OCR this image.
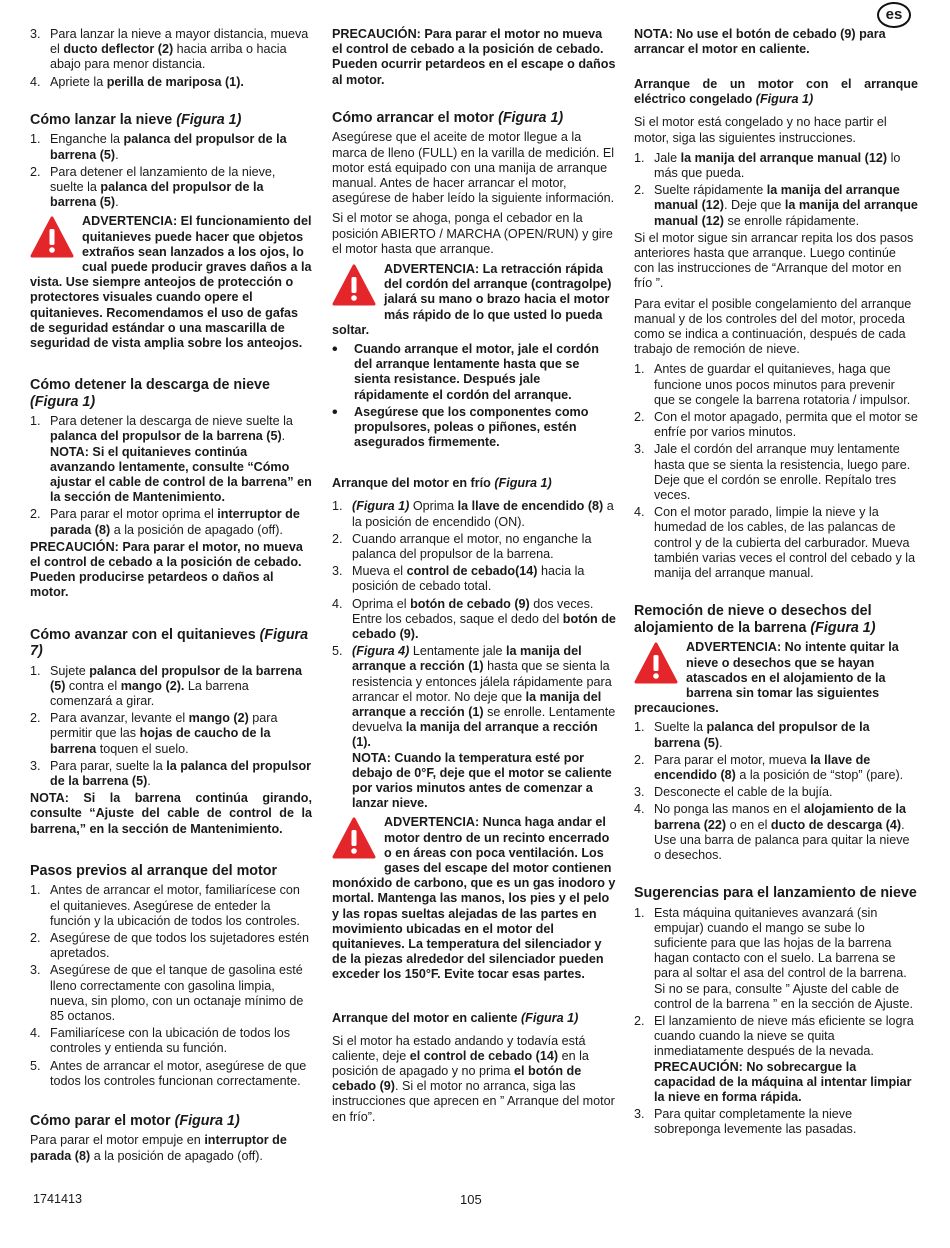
es
3. Para lanzar la nieve a mayor distancia, mueva el ducto deflector (2) hacia arriba o hacia abajo para menor distancia.
4. Apriete la perilla de mariposa (1).
Cómo lanzar la nieve (Figura 1)
1. Enganche la palanca del propulsor de la barrena (5).
2. Para detener el lanzamiento de la nieve, suelte la palanca del propulsor de la barrena (5).
ADVERTENCIA: El funcionamiento del quitanieves puede hacer que objetos extraños sean lanzados a los ojos, lo cual puede producir graves daños a la vista. Use siempre anteojos de protección o protectores visuales cuando opere el quitanieves. Recomendamos el uso de gafas de seguridad estándar o una mascarilla de seguridad de vista amplia sobre los anteojos.
Cómo detener la descarga de nieve (Figura 1)
1. Para detener la descarga de nieve suelte la palanca del propulsor de la barrena (5).
NOTA: Si el quitanieves continúa avanzando lentamente, consulte “Cómo ajustar el cable de control de la barrena” en la sección de Mantenimiento.
2. Para parar el motor oprima el interruptor de parada (8) a la posición de apagado (off).
PRECAUCIÓN: Para parar el motor, no mueva el control de cebado a la posición de cebado. Pueden producirse petardeos o daños al motor.
Cómo avanzar con el quitanieves (Figura 7)
1. Sujete palanca del propulsor de la barrena (5) contra el mango (2). La barrena comenzará a girar.
2. Para avanzar, levante el mango (2) para permitir que las hojas de caucho de la barrena toquen el suelo.
3. Para parar, suelte la la palanca del propulsor de la barrena (5).
NOTA: Si la barrena continúa girando, consulte “Ajuste del cable de control de la barrena,” en la sección de Mantenimiento.
Pasos previos al arranque del motor
1. Antes de arrancar el motor, familiarícese con el quitanieves. Asegúrese de enteder la función y la ubicación de todos los controles.
2. Asegúrese de que todos los sujetadores estén apretados.
3. Asegúrese de que el tanque de gasolina esté lleno correctamente con gasolina limpia, nueva, sin plomo, con un octanaje mínimo de 85 octanos.
4. Familiarícese con la ubicación de todos los controles y entienda su función.
5. Antes de arrancar el motor, asegúrese de que todos los controles funcionan correctamente.
Cómo parar el motor (Figura 1)
Para parar el motor empuje en interruptor de parada (8) a la posición de apagado (off).
PRECAUCIÓN: Para parar el motor no mueva el control de cebado a la posición de cebado. Pueden ocurrir petardeos en el escape o daños al motor.
Cómo arrancar el motor (Figura 1)
Asegúrese que el aceite de motor llegue a la marca de lleno (FULL) en la varilla de medición. El motor está equipado con una manija de arranque manual. Antes de hacer arrancar el motor, asegúrese de haber leído la siguiente información.
Si el motor se ahoga, ponga el cebador en la posición ABIERTO / MARCHA (OPEN/RUN) y gire el motor hasta que arranque.
ADVERTENCIA: La retracción rápida del cordón del arranque (contragolpe) jalará su mano o brazo hacia el motor más rápido de lo que usted lo pueda soltar.
• Cuando arranque el motor, jale el cordón del arranque lentamente hasta que se sienta resistance. Después jale rápidamente el cordón del arranque.
• Asegúrese que los componentes como propulsores, poleas o piñones, estén asegurados firmemente.
Arranque del motor en frío (Figura 1)
1. (Figura 1) Oprima la llave de encendido (8) a la posición de encendido (ON).
2. Cuando arranque el motor, no enganche la palanca del propulsor de la barrena.
3. Mueva el control de cebado(14) hacia la posición de cebado total.
4. Oprima el botón de cebado (9) dos veces. Entre los cebados, saque el dedo del botón de cebado (9).
5. (Figura 4) Lentamente jale la manija del arranque a rección (1) hasta que se sienta la resistencia y entonces jálela rápidamente para arrancar el motor. No deje que la manija del arranque a rección (1) se enrolle. Lentamente devuelva la manija del arranque a rección (1).
NOTA: Cuando la temperatura esté por debajo de 0°F, deje que el motor se caliente por varios minutos antes de comenzar a lanzar nieve.
ADVERTENCIA: Nunca haga andar el motor dentro de un recinto encerrado o en áreas con poca ventilación. Los gases del escape del motor contienen monóxido de carbono, que es un gas inodoro y mortal. Mantenga las manos, los pies y el pelo y las ropas sueltas alejadas de las partes en movimiento ubicadas en el motor del quitanieves. La temperatura del silenciador y de la piezas alrededor del silenciador pueden exceder los 150°F. Evite tocar esas partes.
Arranque del motor en caliente (Figura 1)
Si el motor ha estado andando y todavía está caliente, deje el control de cebado (14) en la posición de apagado y no prima el botón de cebado (9). Si el motor no arranca, siga las instrucciones que aprecen en ” Arranque del motor en frío”.
NOTA: No use el botón de cebado (9) para arrancar el motor en caliente.
Arranque de un motor con el arranque eléctrico congelado (Figura 1)
Si el motor está congelado y no hace partir el motor, siga las siguientes instrucciones.
1. Jale la manija del arranque manual (12) lo más que pueda.
2. Suelte rápidamente la manija del arranque manual (12). Deje que la manija del arranque manual (12) se enrolle rápidamente.
Si el motor sigue sin arrancar repita los dos pasos anteriores hasta que arranque. Luego continúe con las instrucciones de “Arranque del motor en frío ”.
Para evitar el posible congelamiento del arranque manual y de los controles del del motor, proceda como se indica a continuación, después de cada trabajo de remoción de nieve.
1. Antes de guardar el quitanieves, haga que funcione unos pocos minutos para prevenir que se congele la barrena rotatoria / impulsor.
2. Con el motor apagado, permita que el motor se enfríe por varios minutos.
3. Jale el cordón del arranque muy lentamente hasta que se sienta la resistencia, luego pare. Deje que el cordón se enrolle. Repítalo tres veces.
4. Con el motor parado, limpie la nieve y la humedad de los cables, de las palancas de control y de la cubierta del carburador. Mueva también varias veces el control del cebado y la manija del arranque manual.
Remoción de nieve o desechos del alojamiento de la barrena (Figura 1)
ADVERTENCIA: No intente quitar la nieve o desechos que se hayan atascados en el alojamiento de la barrena sin tomar las siguientes precauciones.
1. Suelte la palanca del propulsor de la barrena (5).
2. Para parar el motor, mueva la llave de encendido (8) a la posición de “stop” (pare).
3. Desconecte el cable de la bujía.
4. No ponga las manos en el alojamiento de la barrena (22) o en el ducto de descarga (4). Use una barra de palanca para quitar la nieve o desechos.
Sugerencias para el lanzamiento de nieve
1. Esta máquina quitanieves avanzará (sin empujar) cuando el mango se sube lo suficiente para que las hojas de la barrena hagan contacto con el suelo. La barrena se para al soltar el asa del control de la barrena. Si no se para, consulte ” Ajuste del cable de control de la barrena ” en la sección de Ajuste.
2. El lanzamiento de nieve más eficiente se logra cuando cuando la nieve se quita inmediatamente después de la nevada.
PRECAUCIÓN: No sobrecargue la capacidad de la máquina al intentar limpiar la nieve en forma rápida.
3. Para quitar completamente la nieve sobreponga levemente las pasadas.
1741413	105
